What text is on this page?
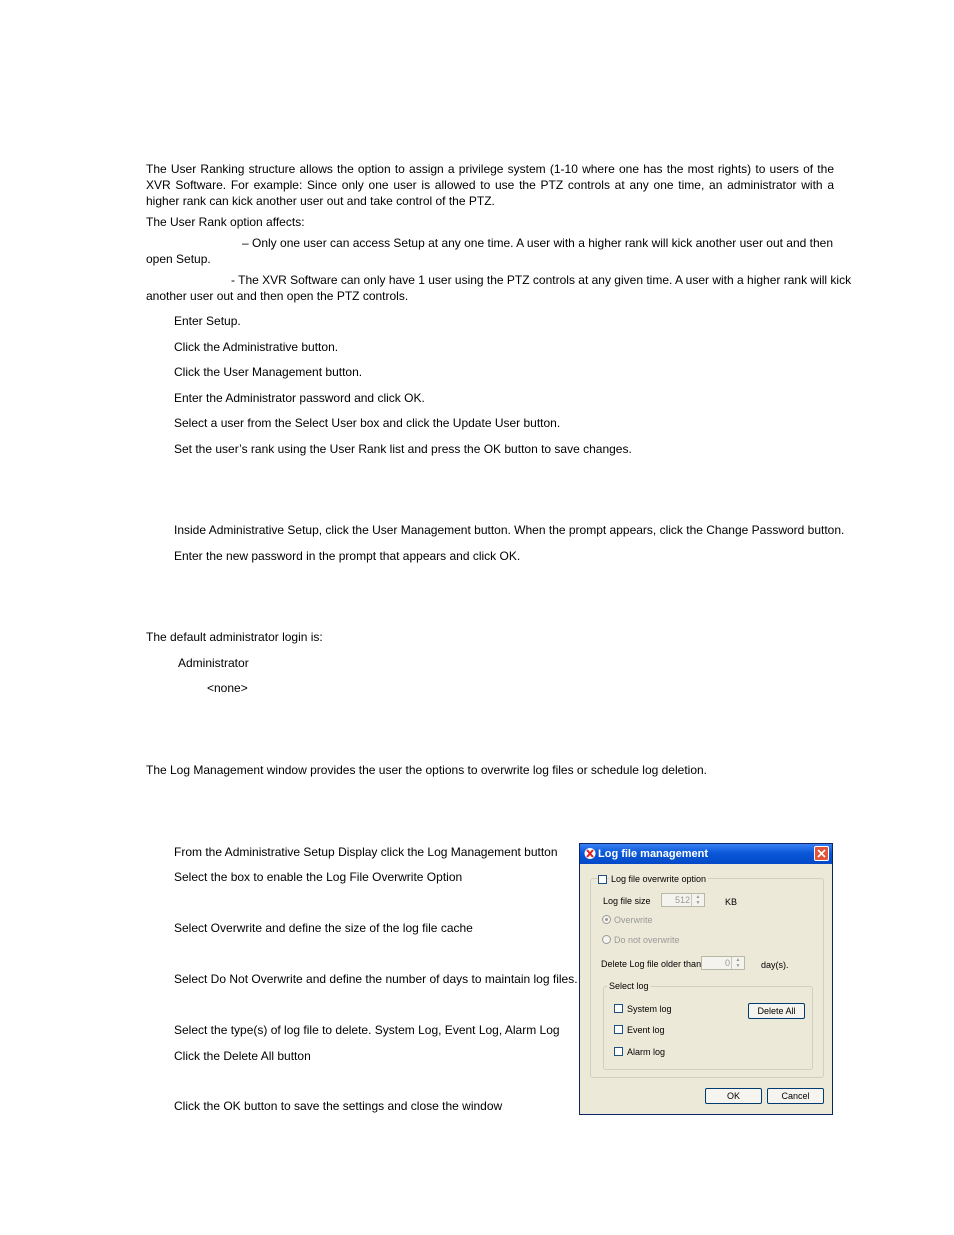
The User Ranking structure allows the option to assign a privilege system (1-10 where one has the most rights) to users of the XVR Software. For example: Since only one user is allowed to use the PTZ controls at any one time, an administrator with a higher rank can kick another user out and take control of the PTZ.

The User Rank option affects:

– Only one user can access Setup at any one time. A user with a higher rank will kick another user out and then

open Setup.

- The XVR Software can only have 1 user using the PTZ controls at any given time. A user with a higher rank will kick

another user out and then open the PTZ controls.

Enter Setup.

Click the Administrative button.

Click the User Management button.

Enter the Administrator password and click OK.

Select a user from the Select User box and click the Update User button.

Set the user’s rank using the User Rank list and press the OK button to save changes.

Inside Administrative Setup, click the User Management button. When the prompt appears, click the Change Password button.

Enter the new password in the prompt that appears and click OK.

The default administrator login is:

Administrator

<none>

The Log Management window provides the user the options to overwrite log files or schedule log deletion.

From the Administrative Setup Display click the Log Management button

Select the box to enable the Log File Overwrite Option

Select Overwrite and define the size of the log file cache

Select Do Not Overwrite and define the number of days to maintain log files.

Select the type(s) of log file to delete. System Log, Event Log, Alarm Log

Click the Delete All button

Click the OK button to save the settings and close the window

Log file management
Log file overwrite option
Log file size	512	▲
▼	KB
Overwrite
Do not overwrite
Delete Log file older than	0	▲
▼	day(s).
Select log
System log
Event log
Alarm log
Delete All
OK	Cancel
